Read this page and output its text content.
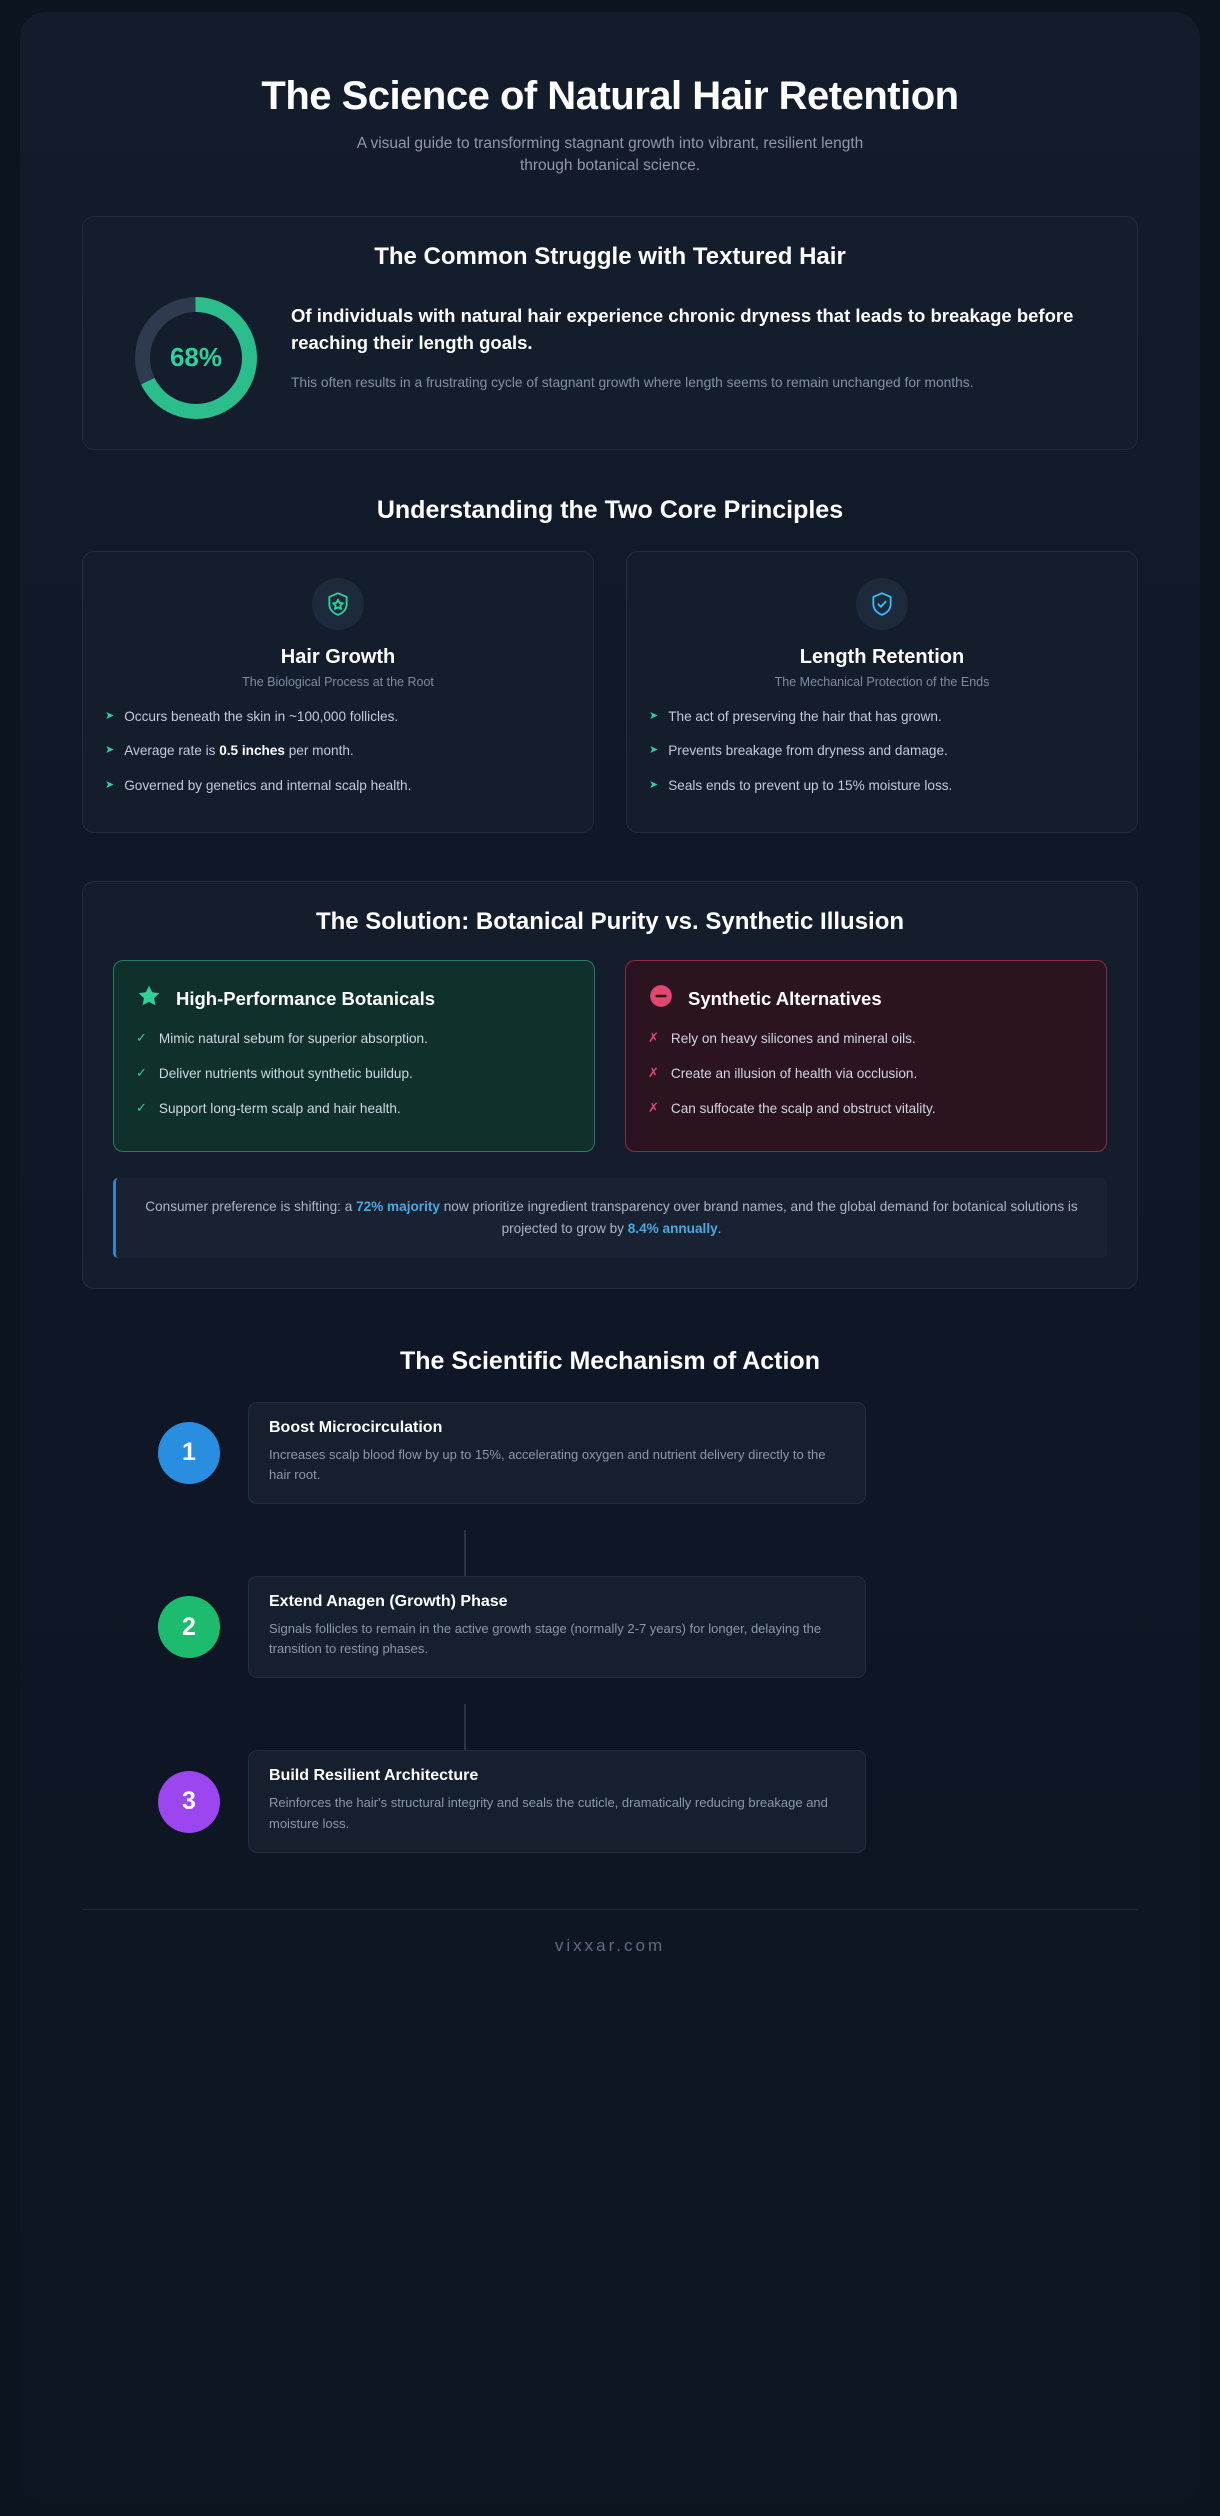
The Science of Natural Hair Retention
A visual guide to transforming stagnant growth into vibrant, resilient length through botanical science.
The Common Struggle with Textured Hair
68%
Of individuals with natural hair experience chronic dryness that leads to breakage before reaching their length goals.
This often results in a frustrating cycle of stagnant growth where length seems to remain unchanged for months.
Understanding the Two Core Principles
Hair Growth
The Biological Process at the Root
➤ Occurs beneath the skin in ~100,000 follicles.
➤ Average rate is 0.5 inches per month.
➤ Governed by genetics and internal scalp health.
Length Retention
The Mechanical Protection of the Ends
➤ The act of preserving the hair that has grown.
➤ Prevents breakage from dryness and damage.
➤ Seals ends to prevent up to 15% moisture loss.
The Solution: Botanical Purity vs. Synthetic Illusion
High-Performance Botanicals
✓ Mimic natural sebum for superior absorption.
✓ Deliver nutrients without synthetic buildup.
✓ Support long-term scalp and hair health.
Synthetic Alternatives
✗ Rely on heavy silicones and mineral oils.
✗ Create an illusion of health via occlusion.
✗ Can suffocate the scalp and obstruct vitality.
Consumer preference is shifting: a 72% majority now prioritize ingredient transparency over brand names, and the global demand for botanical solutions is projected to grow by 8.4% annually.
The Scientific Mechanism of Action
1
Boost Microcirculation

Increases scalp blood flow by up to 15%, accelerating oxygen and nutrient delivery directly to the hair root.

2
Extend Anagen (Growth) Phase

Signals follicles to remain in the active growth stage (normally 2-7 years) for longer, delaying the transition to resting phases.

3
Build Resilient Architecture

Reinforces the hair's structural integrity and seals the cuticle, dramatically reducing breakage and moisture loss.

vixxar.com
